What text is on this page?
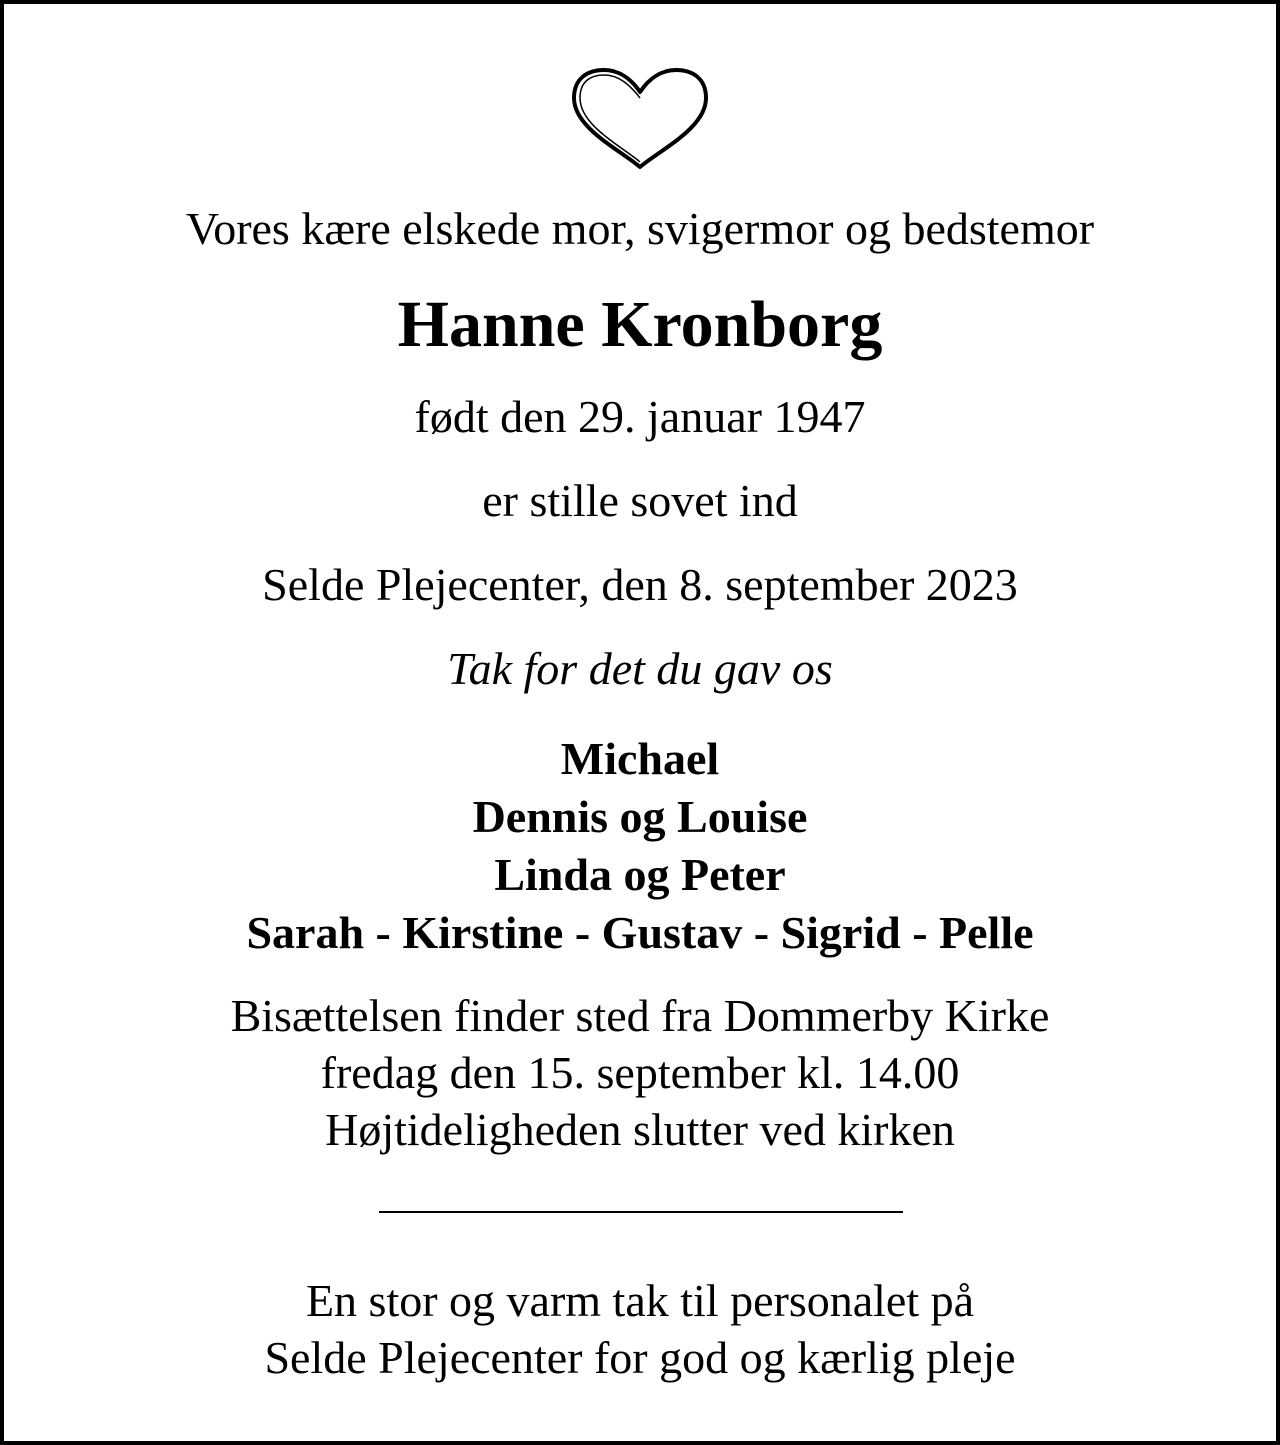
Vores kære elskede mor, svigermor og bedstemor
Hanne Kronborg
født den 29. januar 1947
er stille sovet ind
Selde Plejecenter, den 8. september 2023
Tak for det du gav os
Michael
Dennis og Louise
Linda og Peter
Sarah - Kirstine - Gustav - Sigrid - Pelle
Bisættelsen finder sted fra Dommerby Kirke
fredag den 15. september kl. 14.00
Højtideligheden slutter ved kirken
En stor og varm tak til personalet på
Selde Plejecenter for god og kærlig pleje
